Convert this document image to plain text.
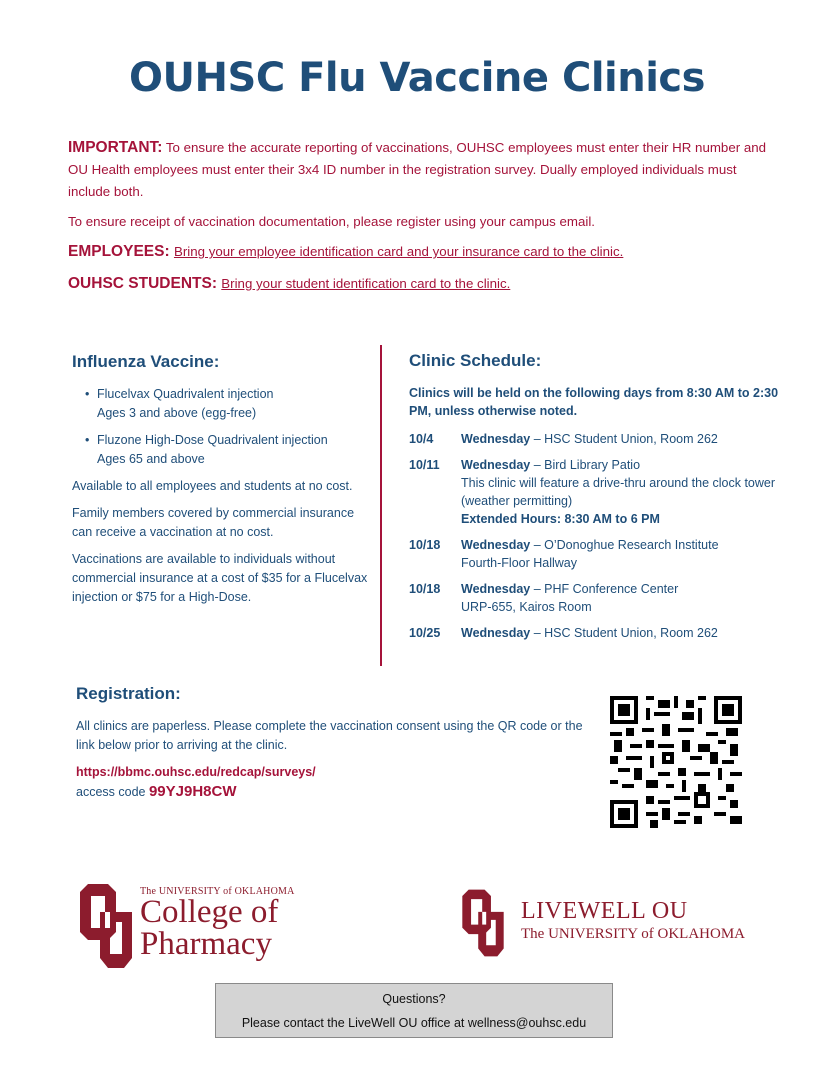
OUHSC Flu Vaccine Clinics

IMPORTANT: To ensure the accurate reporting of vaccinations, OUHSC employees must enter their HR number and OU Health employees must enter their 3x4 ID number in the registration survey. Dually employed individuals must include both.

To ensure receipt of vaccination documentation, please register using your campus email.

EMPLOYEES: Bring your employee identification card and your insurance card to the clinic.

OUHSC STUDENTS: Bring your student identification card to the clinic.

Influenza Vaccine:
• Flucelvax Quadrivalent injection
Ages 3 and above (egg-free)
• Fluzone High-Dose Quadrivalent injection
Ages 65 and above

Available to all employees and students at no cost.

Family members covered by commercial insurance can receive a vaccination at no cost.

Vaccinations are available to individuals without commercial insurance at a cost of $35 for a Flucelvax injection or $75 for a High-Dose.

Clinic Schedule:

Clinics will be held on the following days from 8:30 AM to 2:30 PM, unless otherwise noted.

10/4	Wednesday – HSC Student Union, Room 262
10/11	Wednesday – Bird Library Patio
This clinic will feature a drive-thru around the clock tower (weather permitting)
Extended Hours: 8:30 AM to 6 PM
10/18	Wednesday – O’Donoghue Research Institute
Fourth-Floor Hallway
10/18	Wednesday – PHF Conference Center
URP-655, Kairos Room
10/25	Wednesday – HSC Student Union, Room 262
Registration:

All clinics are paperless. Please complete the vaccination consent using the QR code or the link below prior to arriving at the clinic.

https://bbmc.ouhsc.edu/redcap/surveys/

access code 99YJ9H8CW
The UNIVERSITY of OKLAHOMA
College of
Pharmacy
LIVEWELL OU
The UNIVERSITY of OKLAHOMA
Questions?
Please contact the LiveWell OU office at wellness@ouhsc.edu
